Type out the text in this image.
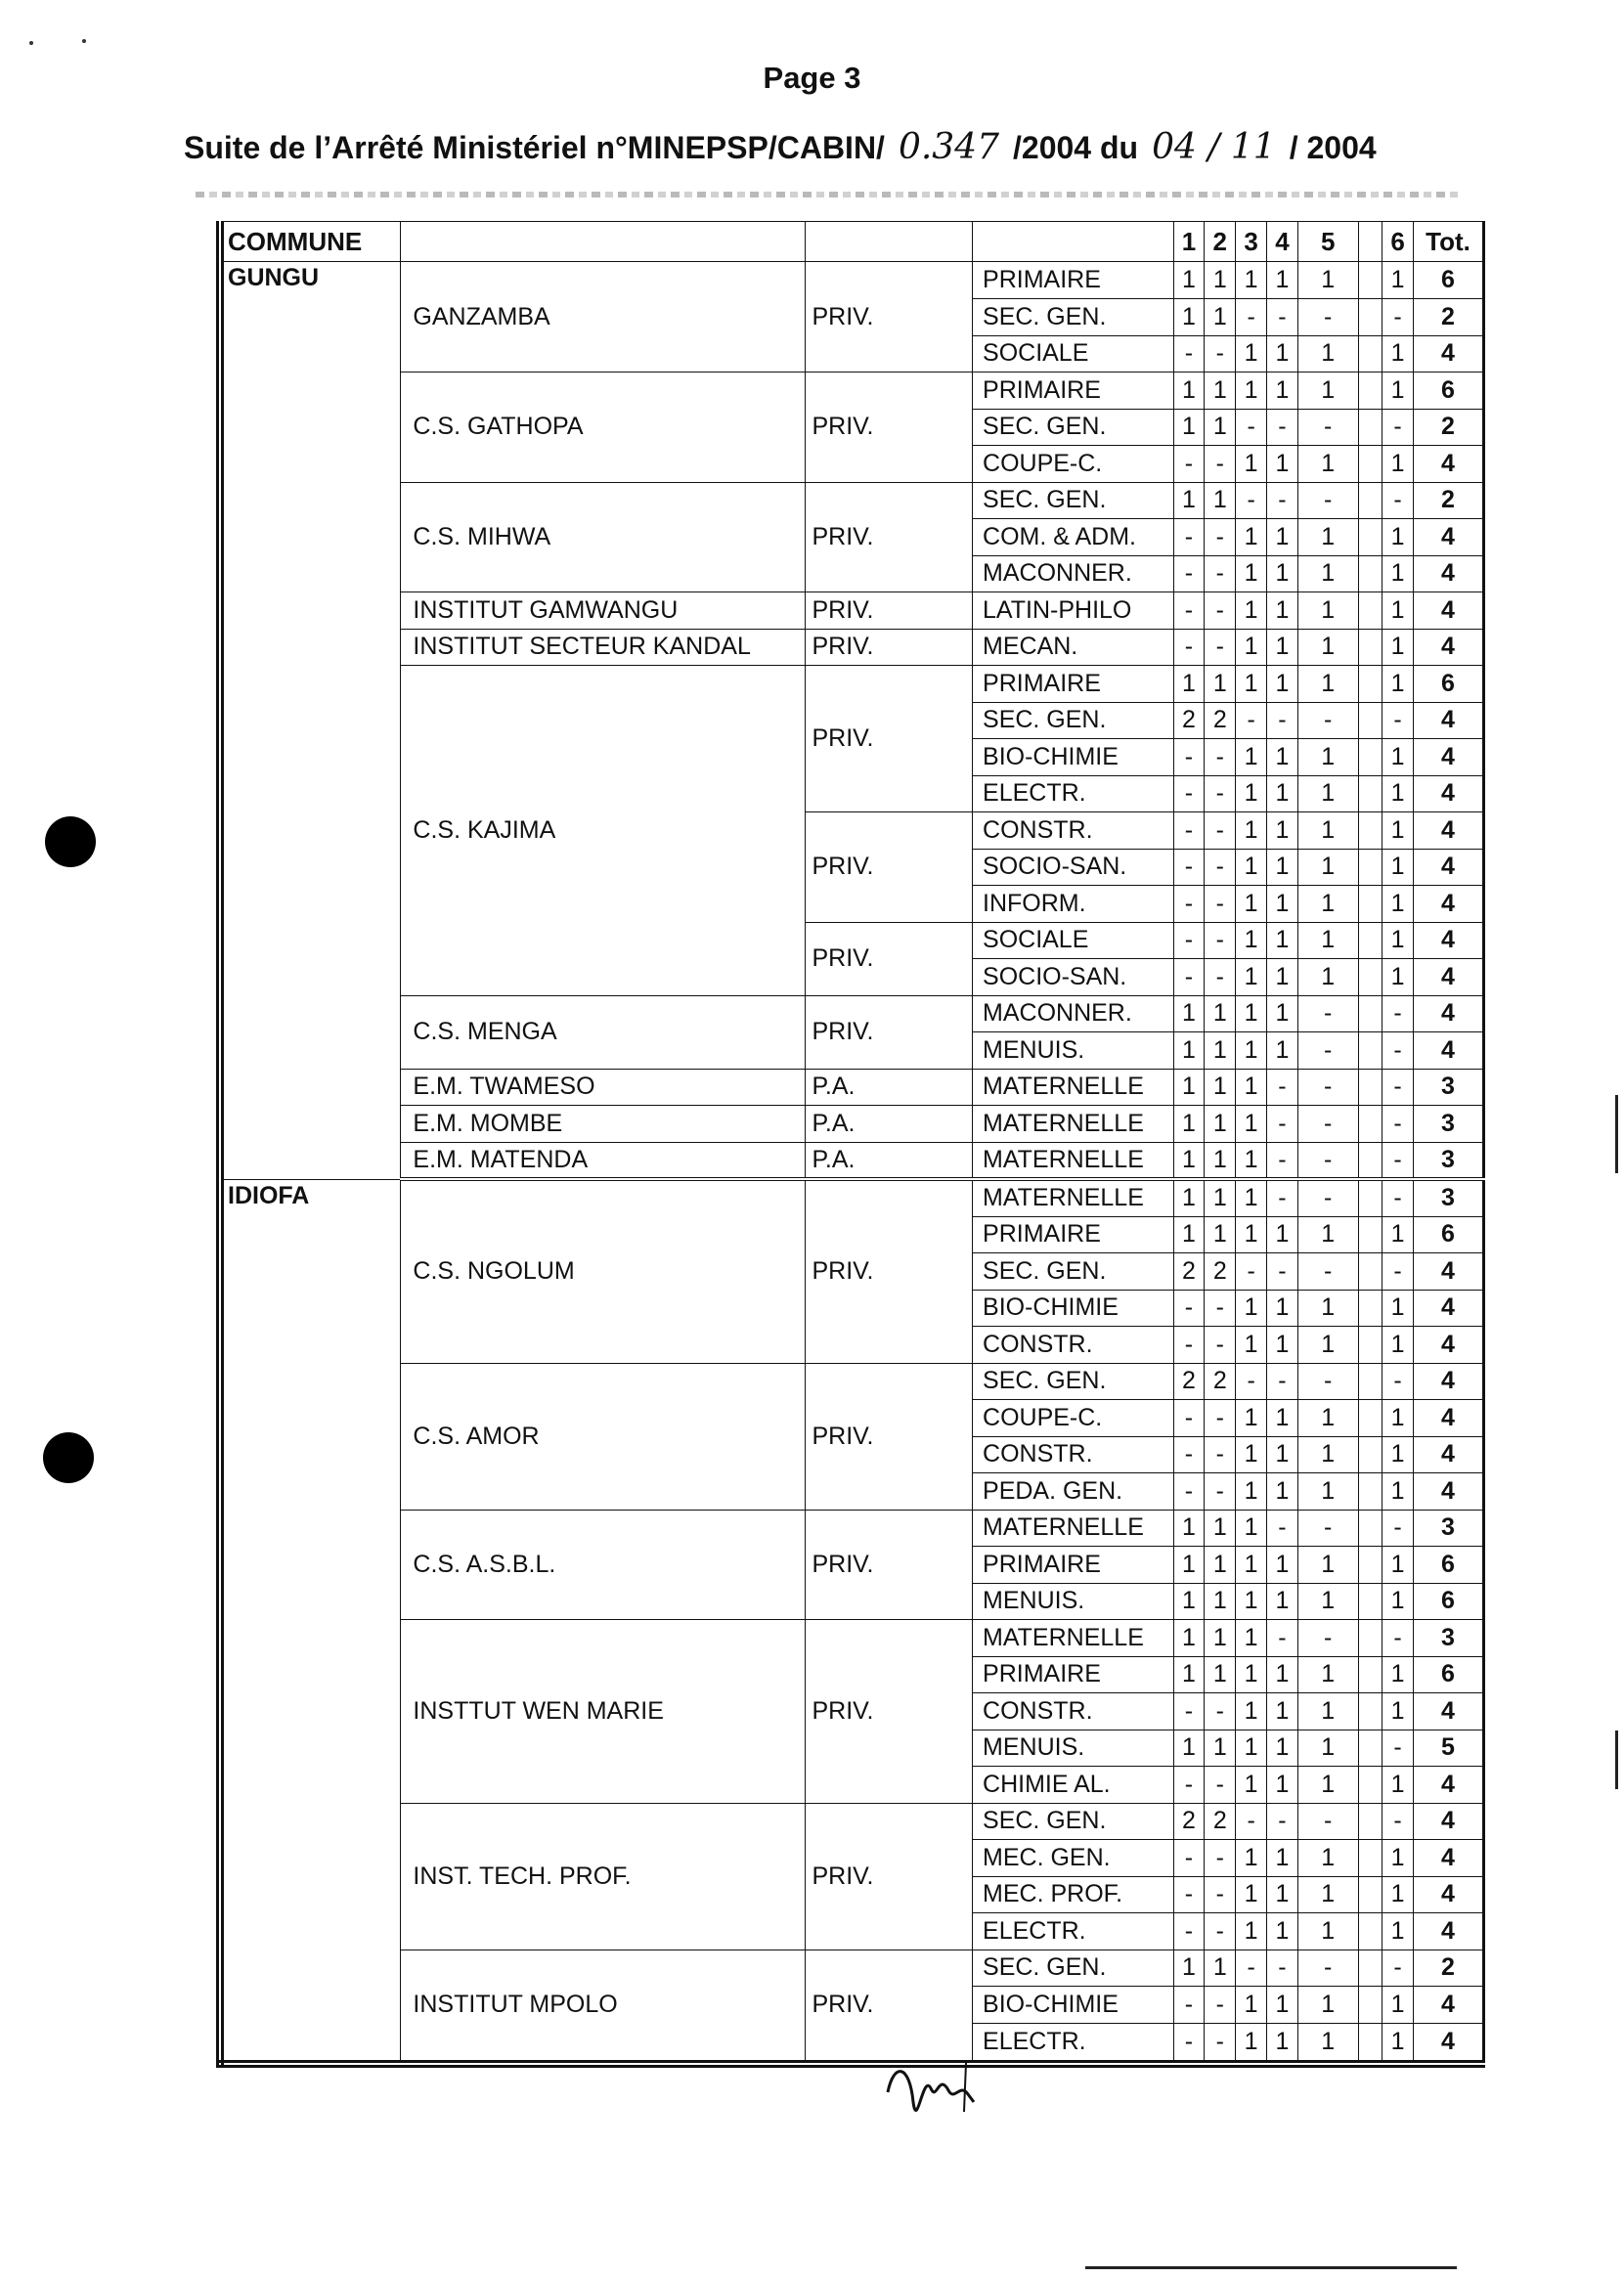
Page 3
Suite de l’Arrêté Ministériel n°MINEPSP/CABIN/ 0.347 /2004 du 04 / 11 / 2004
COMMUNE				1	2	3	4	5		6	Tot.
GUNGU	GANZAMBA	PRIV.	PRIMAIRE	1	1	1	1	1		1	6
			SEC. GEN.	1	1	-	-	-		-	2
			SOCIALE	-	-	1	1	1		1	4
	C.S. GATHOPA	PRIV.	PRIMAIRE	1	1	1	1	1		1	6
			SEC. GEN.	1	1	-	-	-		-	2
			COUPE-C.	-	-	1	1	1		1	4
	C.S. MIHWA	PRIV.	SEC. GEN.	1	1	-	-	-		-	2
			COM. & ADM.	-	-	1	1	1		1	4
			MACONNER.	-	-	1	1	1		1	4
	INSTITUT GAMWANGU	PRIV.	LATIN-PHILO	-	-	1	1	1		1	4
	INSTITUT SECTEUR KANDAL	PRIV.	MECAN.	-	-	1	1	1		1	4
	C.S. KAJIMA	PRIV.	PRIMAIRE	1	1	1	1	1		1	6
			SEC. GEN.	2	2	-	-	-		-	4
			BIO-CHIMIE	-	-	1	1	1		1	4
			ELECTR.	-	-	1	1	1		1	4
		PRIV.	CONSTR.	-	-	1	1	1		1	4
			SOCIO-SAN.	-	-	1	1	1		1	4
			INFORM.	-	-	1	1	1		1	4
		PRIV.	SOCIALE	-	-	1	1	1		1	4
			SOCIO-SAN.	-	-	1	1	1		1	4
	C.S. MENGA	PRIV.	MACONNER.	1	1	1	1	-		-	4
			MENUIS.	1	1	1	1	-		-	4
	E.M. TWAMESO	P.A.	MATERNELLE	1	1	1	-	-		-	3
	E.M. MOMBE	P.A.	MATERNELLE	1	1	1	-	-		-	3
	E.M. MATENDA	P.A.	MATERNELLE	1	1	1	-	-		-	3
IDIOFA	C.S. NGOLUM	PRIV.	MATERNELLE	1	1	1	-	-		-	3
			PRIMAIRE	1	1	1	1	1		1	6
			SEC. GEN.	2	2	-	-	-		-	4
			BIO-CHIMIE	-	-	1	1	1		1	4
			CONSTR.	-	-	1	1	1		1	4
	C.S. AMOR	PRIV.	SEC. GEN.	2	2	-	-	-		-	4
			COUPE-C.	-	-	1	1	1		1	4
			CONSTR.	-	-	1	1	1		1	4
			PEDA. GEN.	-	-	1	1	1		1	4
	C.S. A.S.B.L.	PRIV.	MATERNELLE	1	1	1	-	-		-	3
			PRIMAIRE	1	1	1	1	1		1	6
			MENUIS.	1	1	1	1	1		1	6
	INSTTUT WEN MARIE	PRIV.	MATERNELLE	1	1	1	-	-		-	3
			PRIMAIRE	1	1	1	1	1		1	6
			CONSTR.	-	-	1	1	1		1	4
			MENUIS.	1	1	1	1	1		-	5
			CHIMIE AL.	-	-	1	1	1		1	4
	INST. TECH. PROF.	PRIV.	SEC. GEN.	2	2	-	-	-		-	4
			MEC. GEN.	-	-	1	1	1		1	4
			MEC. PROF.	-	-	1	1	1		1	4
			ELECTR.	-	-	1	1	1		1	4
	INSTITUT MPOLO	PRIV.	SEC. GEN.	1	1	-	-	-		-	2
			BIO-CHIMIE	-	-	1	1	1		1	4
			ELECTR.	-	-	1	1	1		1	4
